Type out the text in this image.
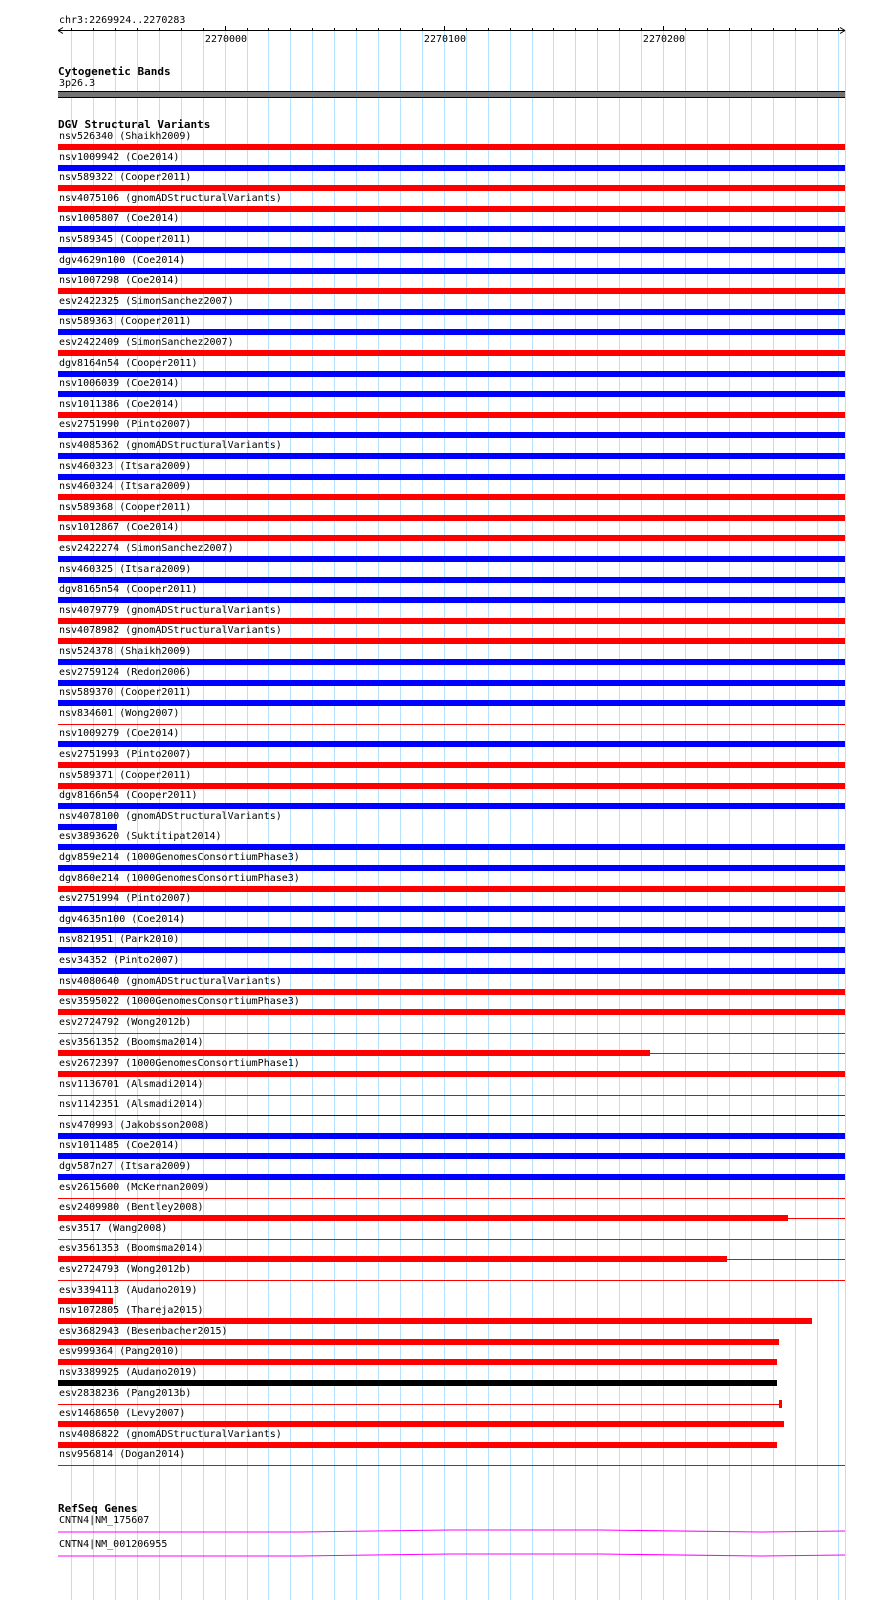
chr3:2269924..2270283
2270000	2270100	2270200
Cytogenetic Bands
3p26.3
DGV Structural Variants
nsv526340 (Shaikh2009)
nsv1009942 (Coe2014)
nsv589322 (Cooper2011)
nsv4075106 (gnomADStructuralVariants)
nsv1005807 (Coe2014)
nsv589345 (Cooper2011)
dgv4629n100 (Coe2014)
nsv1007298 (Coe2014)
esv2422325 (SimonSanchez2007)
nsv589363 (Cooper2011)
esv2422409 (SimonSanchez2007)
dgv8164n54 (Cooper2011)
nsv1006039 (Coe2014)
nsv1011386 (Coe2014)
esv2751990 (Pinto2007)
nsv4085362 (gnomADStructuralVariants)
nsv460323 (Itsara2009)
nsv460324 (Itsara2009)
nsv589368 (Cooper2011)
nsv1012867 (Coe2014)
esv2422274 (SimonSanchez2007)
nsv460325 (Itsara2009)
dgv8165n54 (Cooper2011)
nsv4079779 (gnomADStructuralVariants)
nsv4078982 (gnomADStructuralVariants)
nsv524378 (Shaikh2009)
esv2759124 (Redon2006)
nsv589370 (Cooper2011)
nsv834601 (Wong2007)
nsv1009279 (Coe2014)
esv2751993 (Pinto2007)
nsv589371 (Cooper2011)
dgv8166n54 (Cooper2011)
nsv4078100 (gnomADStructuralVariants)
esv3893620 (Suktitipat2014)
dgv859e214 (1000GenomesConsortiumPhase3)
dgv860e214 (1000GenomesConsortiumPhase3)
esv2751994 (Pinto2007)
dgv4635n100 (Coe2014)
nsv821951 (Park2010)
esv34352 (Pinto2007)
nsv4080640 (gnomADStructuralVariants)
esv3595022 (1000GenomesConsortiumPhase3)
esv2724792 (Wong2012b)
esv3561352 (Boomsma2014)
esv2672397 (1000GenomesConsortiumPhase1)
nsv1136701 (Alsmadi2014)
nsv1142351 (Alsmadi2014)
nsv470993 (Jakobsson2008)
nsv1011485 (Coe2014)
dgv587n27 (Itsara2009)
esv2615600 (McKernan2009)
esv2409980 (Bentley2008)
esv3517 (Wang2008)
esv3561353 (Boomsma2014)
esv2724793 (Wong2012b)
esv3394113 (Audano2019)
nsv1072805 (Thareja2015)
esv3682943 (Besenbacher2015)
esv999364 (Pang2010)
nsv3389925 (Audano2019)
esv2838236 (Pang2013b)
esv1468650 (Levy2007)
nsv4086822 (gnomADStructuralVariants)
nsv956814 (Dogan2014)
RefSeq Genes
CNTN4|NM_175607
CNTN4|NM_001206955
